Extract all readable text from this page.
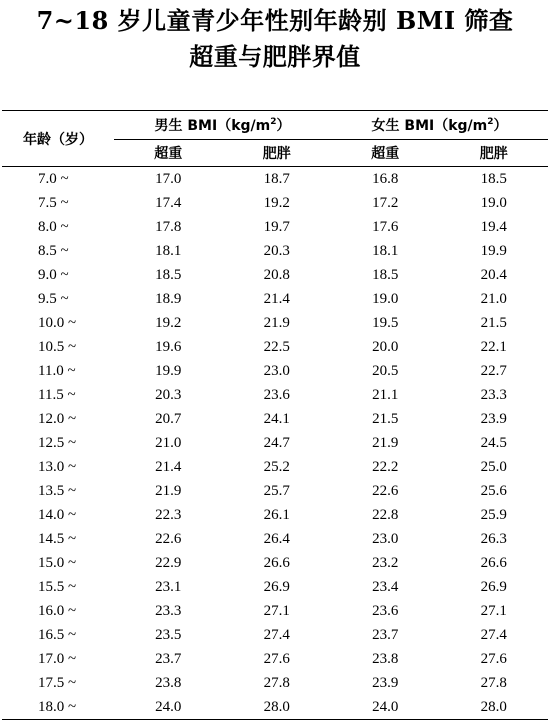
7~18 岁儿童青少年性别年龄别 BMI 筛查
超重与肥胖界值
年龄（岁）	男生 $BMI(kg/m^2)$		女生 $BMI(kg/m^2)$	
	超重	肥胖	超重	肥胖
7.0 ~	17.0	18.7	16.8	18.5
7.5 ~	17.4	19.2	17.2	19.0
8.0 ~	17.8	19.7	17.6	19.4
8.5 ~	18.1	20.3	18.1	19.9
9.0 ~	18.5	20.8	18.5	20.4
9.5 ~	18.9	21.4	19.0	21.0
10.0 ~	19.2	21.9	19.5	21.5
10.5 ~	19.6	22.5	20.0	22.1
11.0 ~	19.9	23.0	20.5	22.7
11.5 ~	20.3	23.6	21.1	23.3
12.0 ~	20.7	24.1	21.5	23.9
12.5 ~	21.0	24.7	21.9	24.5
13.0 ~	21.4	25.2	22.2	25.0
13.5 ~	21.9	25.7	22.6	25.6
14.0 ~	22.3	26.1	22.8	25.9
14.5 ~	22.6	26.4	23.0	26.3
15.0 ~	22.9	26.6	23.2	26.6
15.5 ~	23.1	26.9	23.4	26.9
16.0 ~	23.3	27.1	23.6	27.1
16.5 ~	23.5	27.4	23.7	27.4
17.0 ~	23.7	27.6	23.8	27.6
17.5 ~	23.8	27.8	23.9	27.8
18.0 ~	24.0	28.0	24.0	28.0
